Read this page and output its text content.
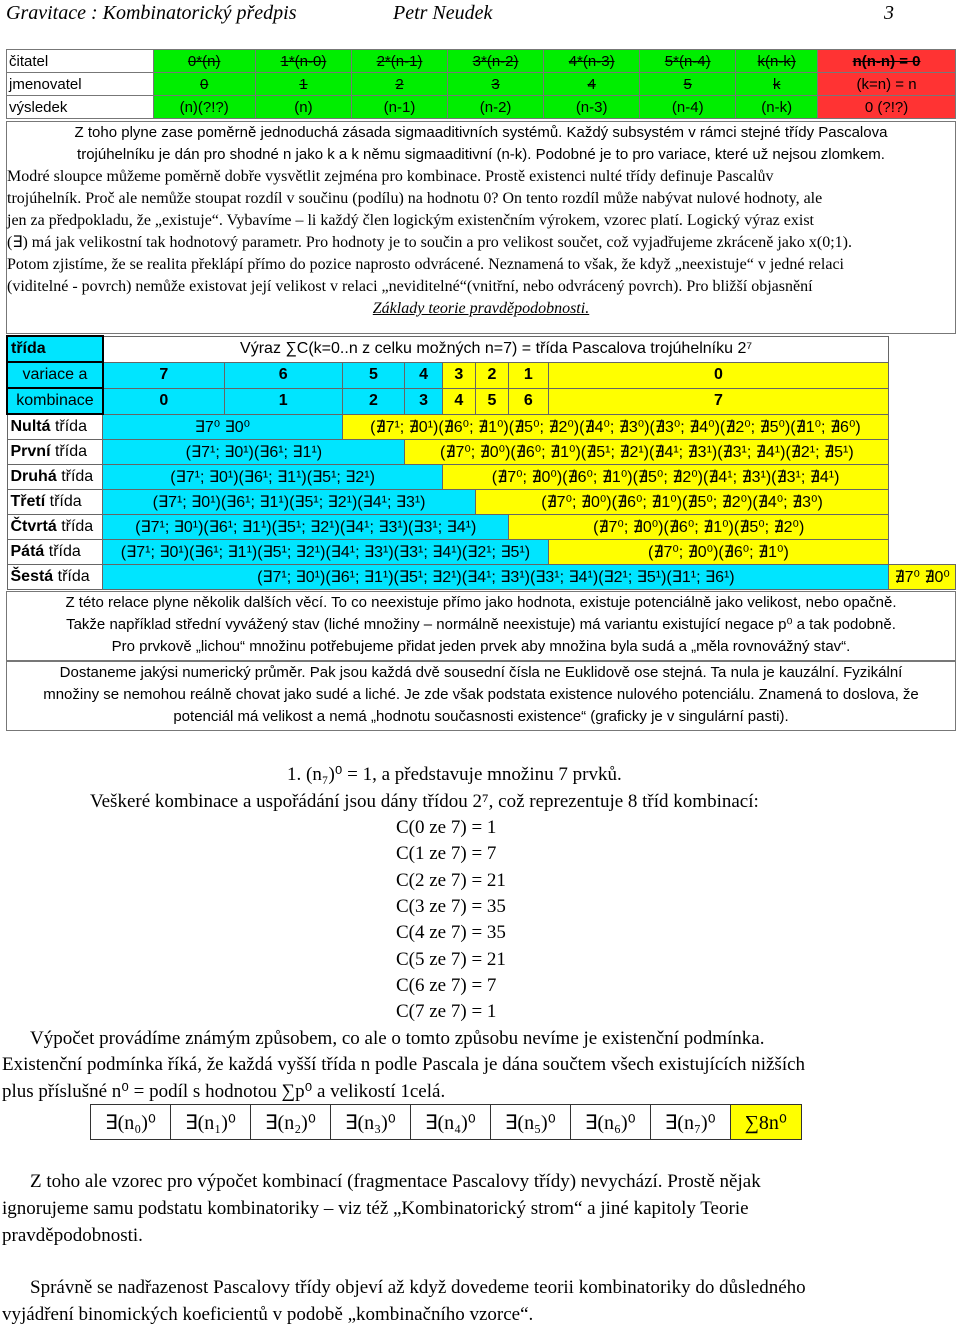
Gravitace : Kombinatorický předpis	Petr Neudek	3
čitatel	0*(n)	1*(n-0)	2*(n-1)	3*(n-2)	4*(n-3)	5*(n-4)	k(n-k)	n(n-n) = 0
jmenovatel	0	1	2	3	4	5	k	(k=n) = n
výsledek	(n)(?!?)	(n)	(n-1)	(n-2)	(n-3)	(n-4)	(n-k)	0 (?!?)

Z toho plyne zase poměrně jednoduchá zásada sigmaaditivních systémů. Každý subsystém v rámci stejné třídy Pascalova

trojúhelníku je dán pro shodné n jako k a k němu sigmaaditivní (n-k). Podobné je to pro variace, které už nejsou zlomkem.

Modré sloupce můžeme poměrně dobře vysvětlit zejména pro kombinace. Prostě existenci nulté třídy definuje Pascalův

trojúhelník. Proč ale nemůže stoupat rozdíl v součinu (podílu) na hodnotu 0? On tento rozdíl může nabývat nulové hodnoty, ale

jen za předpokladu, že „existuje“. Vybavíme – li každý člen logickým existenčním výrokem, vzorec platí. Logický výraz exist

(∃) má jak velikostní tak hodnotový parametr. Pro hodnoty je to součin a pro velikost součet, což vyjadřujeme zkráceně jako x(0;1).

Potom zjistíme, že se realita překlápí přímo do pozice naprosto odvrácené. Neznamená to však, že když „neexistuje“ v jedné relaci

(viditelné - povrch) nemůže existovat její velikost v relaci „neviditelné“(vnitřní, nebo odvrácený povrch). Pro bližší objasnění

Základy teorie pravděpodobnosti.

třída	Výraz ∑C(k=0..n z celku možných n=7) = třída Pascalova trojúhelníku 2⁷								
variace a	7	6	5	4	3	2	1	0	
kombinace	0	1	2	3	4	5	6	7	
Nultá třída	∃7⁰ ∃0⁰		(∄7¹; ∄0¹)(∄6⁰; ∄1⁰)(∄5⁰; ∄2⁰)(∄4⁰; ∄3⁰)(∄3⁰; ∄4⁰)(∄2⁰; ∄5⁰)(∄1⁰; ∄6⁰)						
První třída	(∃7¹; ∃0¹)(∃6¹; ∃1¹)			(∄7⁰; ∄0⁰)(∄6⁰; ∄1⁰)(∄5¹; ∄2¹)(∄4¹; ∄3¹)(∄3¹; ∄4¹)(∄2¹; ∄5¹)					
Druhá třída	(∃7¹; ∃0¹)(∃6¹; ∃1¹)(∃5¹; ∃2¹)				(∄7⁰; ∄0⁰)(∄6⁰; ∄1⁰)(∄5⁰; ∄2⁰)(∄4¹; ∄3¹)(∄3¹; ∄4¹)				
Třetí třída	(∃7¹; ∃0¹)(∃6¹; ∃1¹)(∃5¹; ∃2¹)(∃4¹; ∃3¹)					(∄7⁰; ∄0⁰)(∄6⁰; ∄1⁰)(∄5⁰; ∄2⁰)(∄4⁰; ∄3⁰)			
Čtvrtá třída	(∃7¹; ∃0¹)(∃6¹; ∃1¹)(∃5¹; ∃2¹)(∃4¹; ∃3¹)(∃3¹; ∃4¹)						(∄7⁰; ∄0⁰)(∄6⁰; ∄1⁰)(∄5⁰; ∄2⁰)		
Pátá třída	(∃7¹; ∃0¹)(∃6¹; ∃1¹)(∃5¹; ∃2¹)(∃4¹; ∃3¹)(∃3¹; ∃4¹)(∃2¹; ∃5¹)							(∄7⁰; ∄0⁰)(∄6⁰; ∄1⁰)	
Šestá třída	(∃7¹; ∃0¹)(∃6¹; ∃1¹)(∃5¹; ∃2¹)(∃4¹; ∃3¹)(∃3¹; ∃4¹)(∃2¹; ∃5¹)(∃1¹; ∃6¹)								∄7⁰ ∄0⁰

Z této relace plyne několik dalších věcí. To co neexistuje přímo jako hodnota, existuje potenciálně jako velikost, nebo opačně.

Takže například střední vyvážený stav (liché množiny – normálně neexistuje) má variantu existující negace p⁰ a tak podobně.

Pro prvkově „lichou“ množinu potřebujeme přidat jeden prvek aby množina byla sudá a „měla rovnovážný stav“.

Dostaneme jakýsi numerický průměr. Pak jsou každá dvě sousední čísla ne Euklidově ose stejná. Ta nula je kauzální. Fyzikální

množiny se nemohou reálně chovat jako sudé a liché. Je zde však podstata existence nulového potenciálu. Znamená to doslova, že

potenciál má velikost a nemá „hodnotu současnosti existence“ (graficky je v singulární pasti).

1. (n₇)⁰ = 1, a představuje množinu 7 prvků.
Veškeré kombinace a uspořádání jsou dány třídou 2⁷, což reprezentuje 8 tříd kombinací:
C(0 ze 7) = 1
C(1 ze 7) = 7
C(2 ze 7) = 21
C(3 ze 7) = 35
C(4 ze 7) = 35
C(5 ze 7) = 21
C(6 ze 7) = 7
C(7 ze 7) = 1
Výpočet provádíme známým způsobem, co ale o tomto způsobu nevíme je existenční podmínka.
Existenční podmínka říká, že každá vyšší třída n podle Pascala je dána součtem všech existujících nižších
plus příslušné n⁰ = podíl s hodnotou ∑p⁰ a velikostí 1celá.
∃(n₀)⁰	∃(n₁)⁰	∃(n₂)⁰	∃(n₃)⁰	∃(n₄)⁰	∃(n₅)⁰	∃(n₆)⁰	∃(n₇)⁰	∑8n⁰
Z toho ale vzorec pro výpočet kombinací (fragmentace Pascalovy třídy) nevychází. Prostě nějak
ignorujeme samu podstatu kombinatoriky – viz též „Kombinatorický strom“ a jiné kapitoly Teorie
pravděpodobnosti.
Správně se nadřazenost Pascalovy třídy objeví až když dovedeme teorii kombinatoriky do důsledného
vyjádření binomických koeficientů v podobě „kombinačního vzorce“.
